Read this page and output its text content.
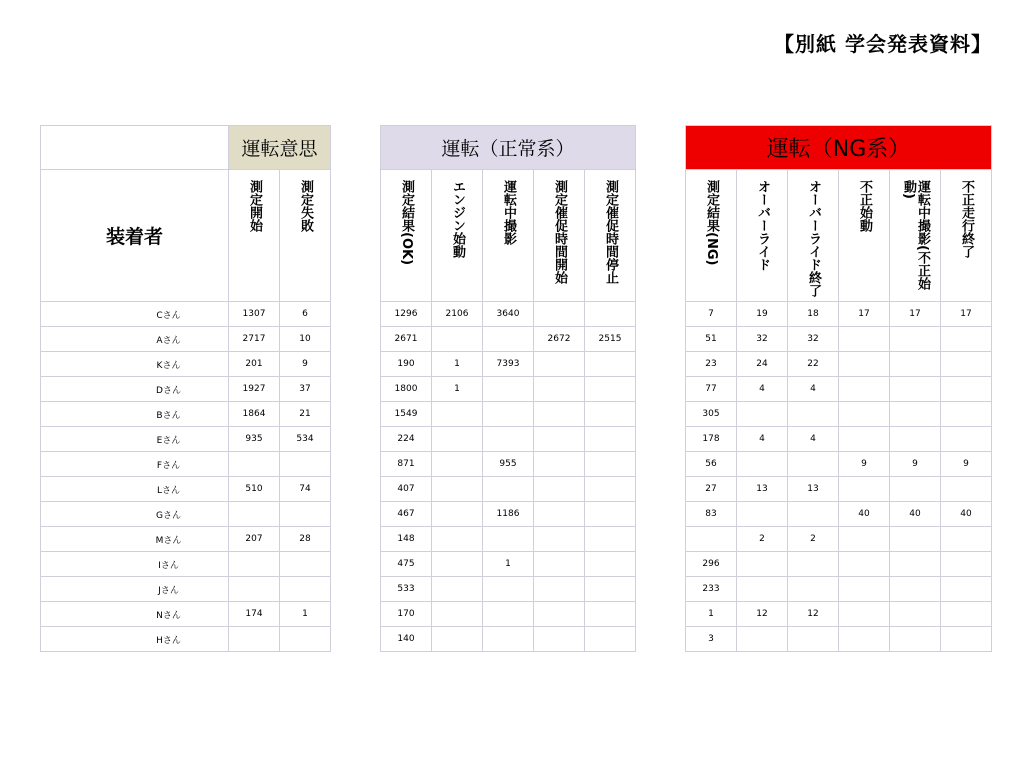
【別紙 学会発表資料】
	運転意思			運転（正常系）						運転（NG系）					
装着者	測定開始	測定失敗		測定結果(OK)	エンジン始動	運転中撮影	測定催促時間開始	測定催促時間停止		測定結果(NG)	オーバーライド	オーバーライド終了	不正始動	運転中撮影(不正始動)	不正走行終了
Cさん	1307	6		1296	2106	3640				7	19	18	17	17	17
Aさん	2717	10		2671			2672	2515		51	32	32			
Kさん	201	9		190	1	7393				23	24	22			
Dさん	1927	37		1800	1					77	4	4			
Bさん	1864	21		1549						305					
Eさん	935	534		224						178	4	4			
Fさん				871		955				56			9	9	9
Lさん	510	74		407						27	13	13			
Gさん				467		1186				83			40	40	40
Mさん	207	28		148							2	2			
Iさん				475		1				296					
Jさん				533						233					
Nさん	174	1		170						1	12	12			
Hさん				140						3					
